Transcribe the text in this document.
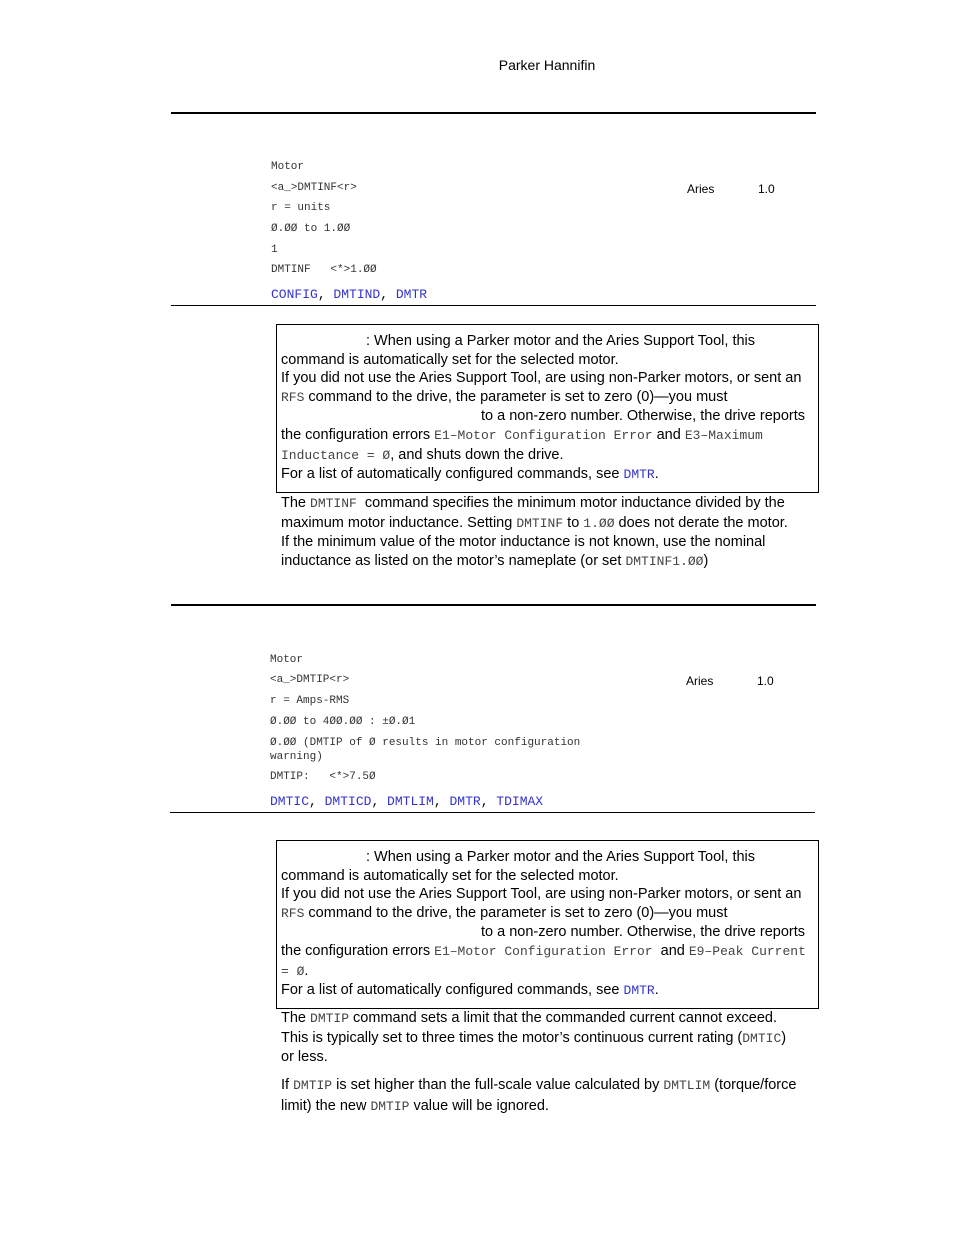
Parker Hannifin
Motor
<a_>DMTINF<r>	Aries	1.0
r = units
Ø.ØØ to 1.ØØ
1
DMTINF   <*>1.ØØ
CONFIG, DMTIND, DMTR

: When using a Parker motor and the Aries Support Tool, this command is automatically set for the selected motor.

If you did not use the Aries Support Tool, are using non-Parker motors, or sent an RFS command to the drive, the parameter is set to zero (0)—you mustto a non-zero number. Otherwise, the drive reports the configuration errors E1–Motor Configuration Error and E3–Maximum Inductance = Ø, and shuts down the drive.

For a list of automatically configured commands, see DMTR.

The DMTINF  command specifies the minimum motor inductance divided by the maximum motor inductance. Setting DMTINF to 1.ØØ does not derate the motor.

If the minimum value of the motor inductance is not known, use the nominal inductance as listed on the motor’s nameplate (or set DMTINF1.ØØ)

Motor
<a_>DMTIP<r>	Aries	1.0
r = Amps-RMS
Ø.ØØ to 4ØØ.ØØ : ±Ø.Ø1
Ø.ØØ (DMTIP of Ø results in motor configuration warning)
DMTIP:   <*>7.5Ø
DMTIC, DMTICD, DMTLIM, DMTR, TDIMAX

: When using a Parker motor and the Aries Support Tool, this command is automatically set for the selected motor.

If you did not use the Aries Support Tool, are using non-Parker motors, or sent an RFS command to the drive, the parameter is set to zero (0)—you mustto a non-zero number. Otherwise, the drive reports the configuration errors E1–Motor Configuration Error  and E9–Peak Current = Ø.

For a list of automatically configured commands, see DMTR.

The DMTIP command sets a limit that the commanded current cannot exceed. This is typically set to three times the motor’s continuous current rating (DMTIC) or less.

If DMTIP is set higher than the full-scale value calculated by DMTLIM (torque/force limit) the new DMTIP value will be ignored.
